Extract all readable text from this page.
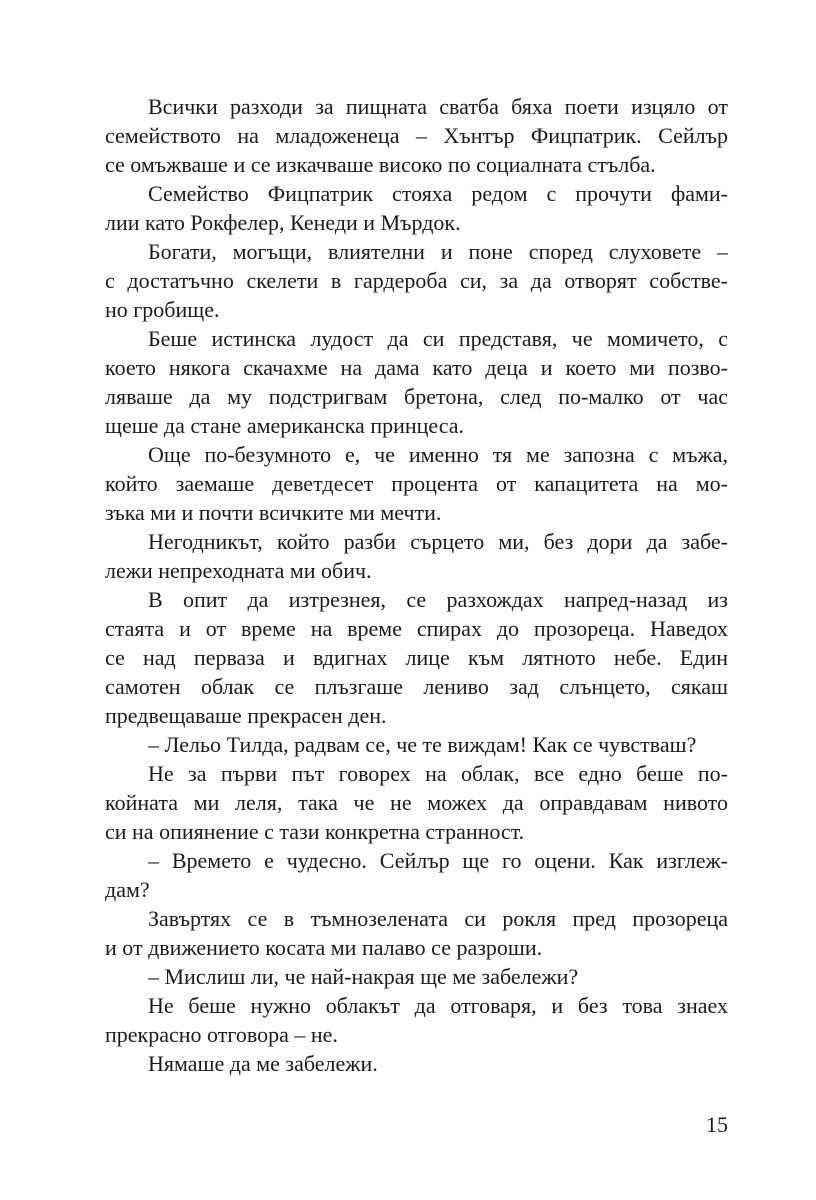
Всички разходи за пищната сватба бяха поети изцяло от
семейството на младоженеца – Хънтър Фицпатрик. Сейлър
се омъжваше и се изкачваше високо по социалната стълба.
Семейство Фицпатрик стояха редом с прочути фами-
лии като Рокфелер, Кенеди и Мърдок.
Богати, могъщи, влиятелни и поне според слуховете –
с достатъчно скелети в гардероба си, за да отворят собстве-
но гробище.
Беше истинска лудост да си представя, че момичето, с
което някога скачахме на дама като деца и което ми позво-
ляваше да му подстригвам бретона, след по-малко от час
щеше да стане американска принцеса.
Още по-безумното е, че именно тя ме запозна с мъжа,
който заемаше деветдесет процента от капацитета на мо-
зъка ми и почти всичките ми мечти.
Негодникът, който разби сърцето ми, без дори да забе-
лежи непреходната ми обич.
В опит да изтрезнея, се разхождах напред-назад из
стаята и от време на време спирах до прозореца. Наведох
се над перваза и вдигнах лице към лятното небе. Един
самотен облак се плъзгаше лениво зад слънцето, сякаш
предвещаваше прекрасен ден.
– Лельо Тилда, радвам се, че те виждам! Как се чувстваш?
Не за първи път говорех на облак, все едно беше по-
койната ми леля, така че не можех да оправдавам нивото
си на опиянение с тази конкретна странност.
– Времето е чудесно. Сейлър ще го оцени. Как изглеж-
дам?
Завъртях се в тъмнозелената си рокля пред прозореца
и от движението косата ми палаво се разроши.
– Мислиш ли, че най-накрая ще ме забележи?
Не беше нужно облакът да отговаря, и без това знаех
прекрасно отговора – не.
Нямаше да ме забележи.
15
